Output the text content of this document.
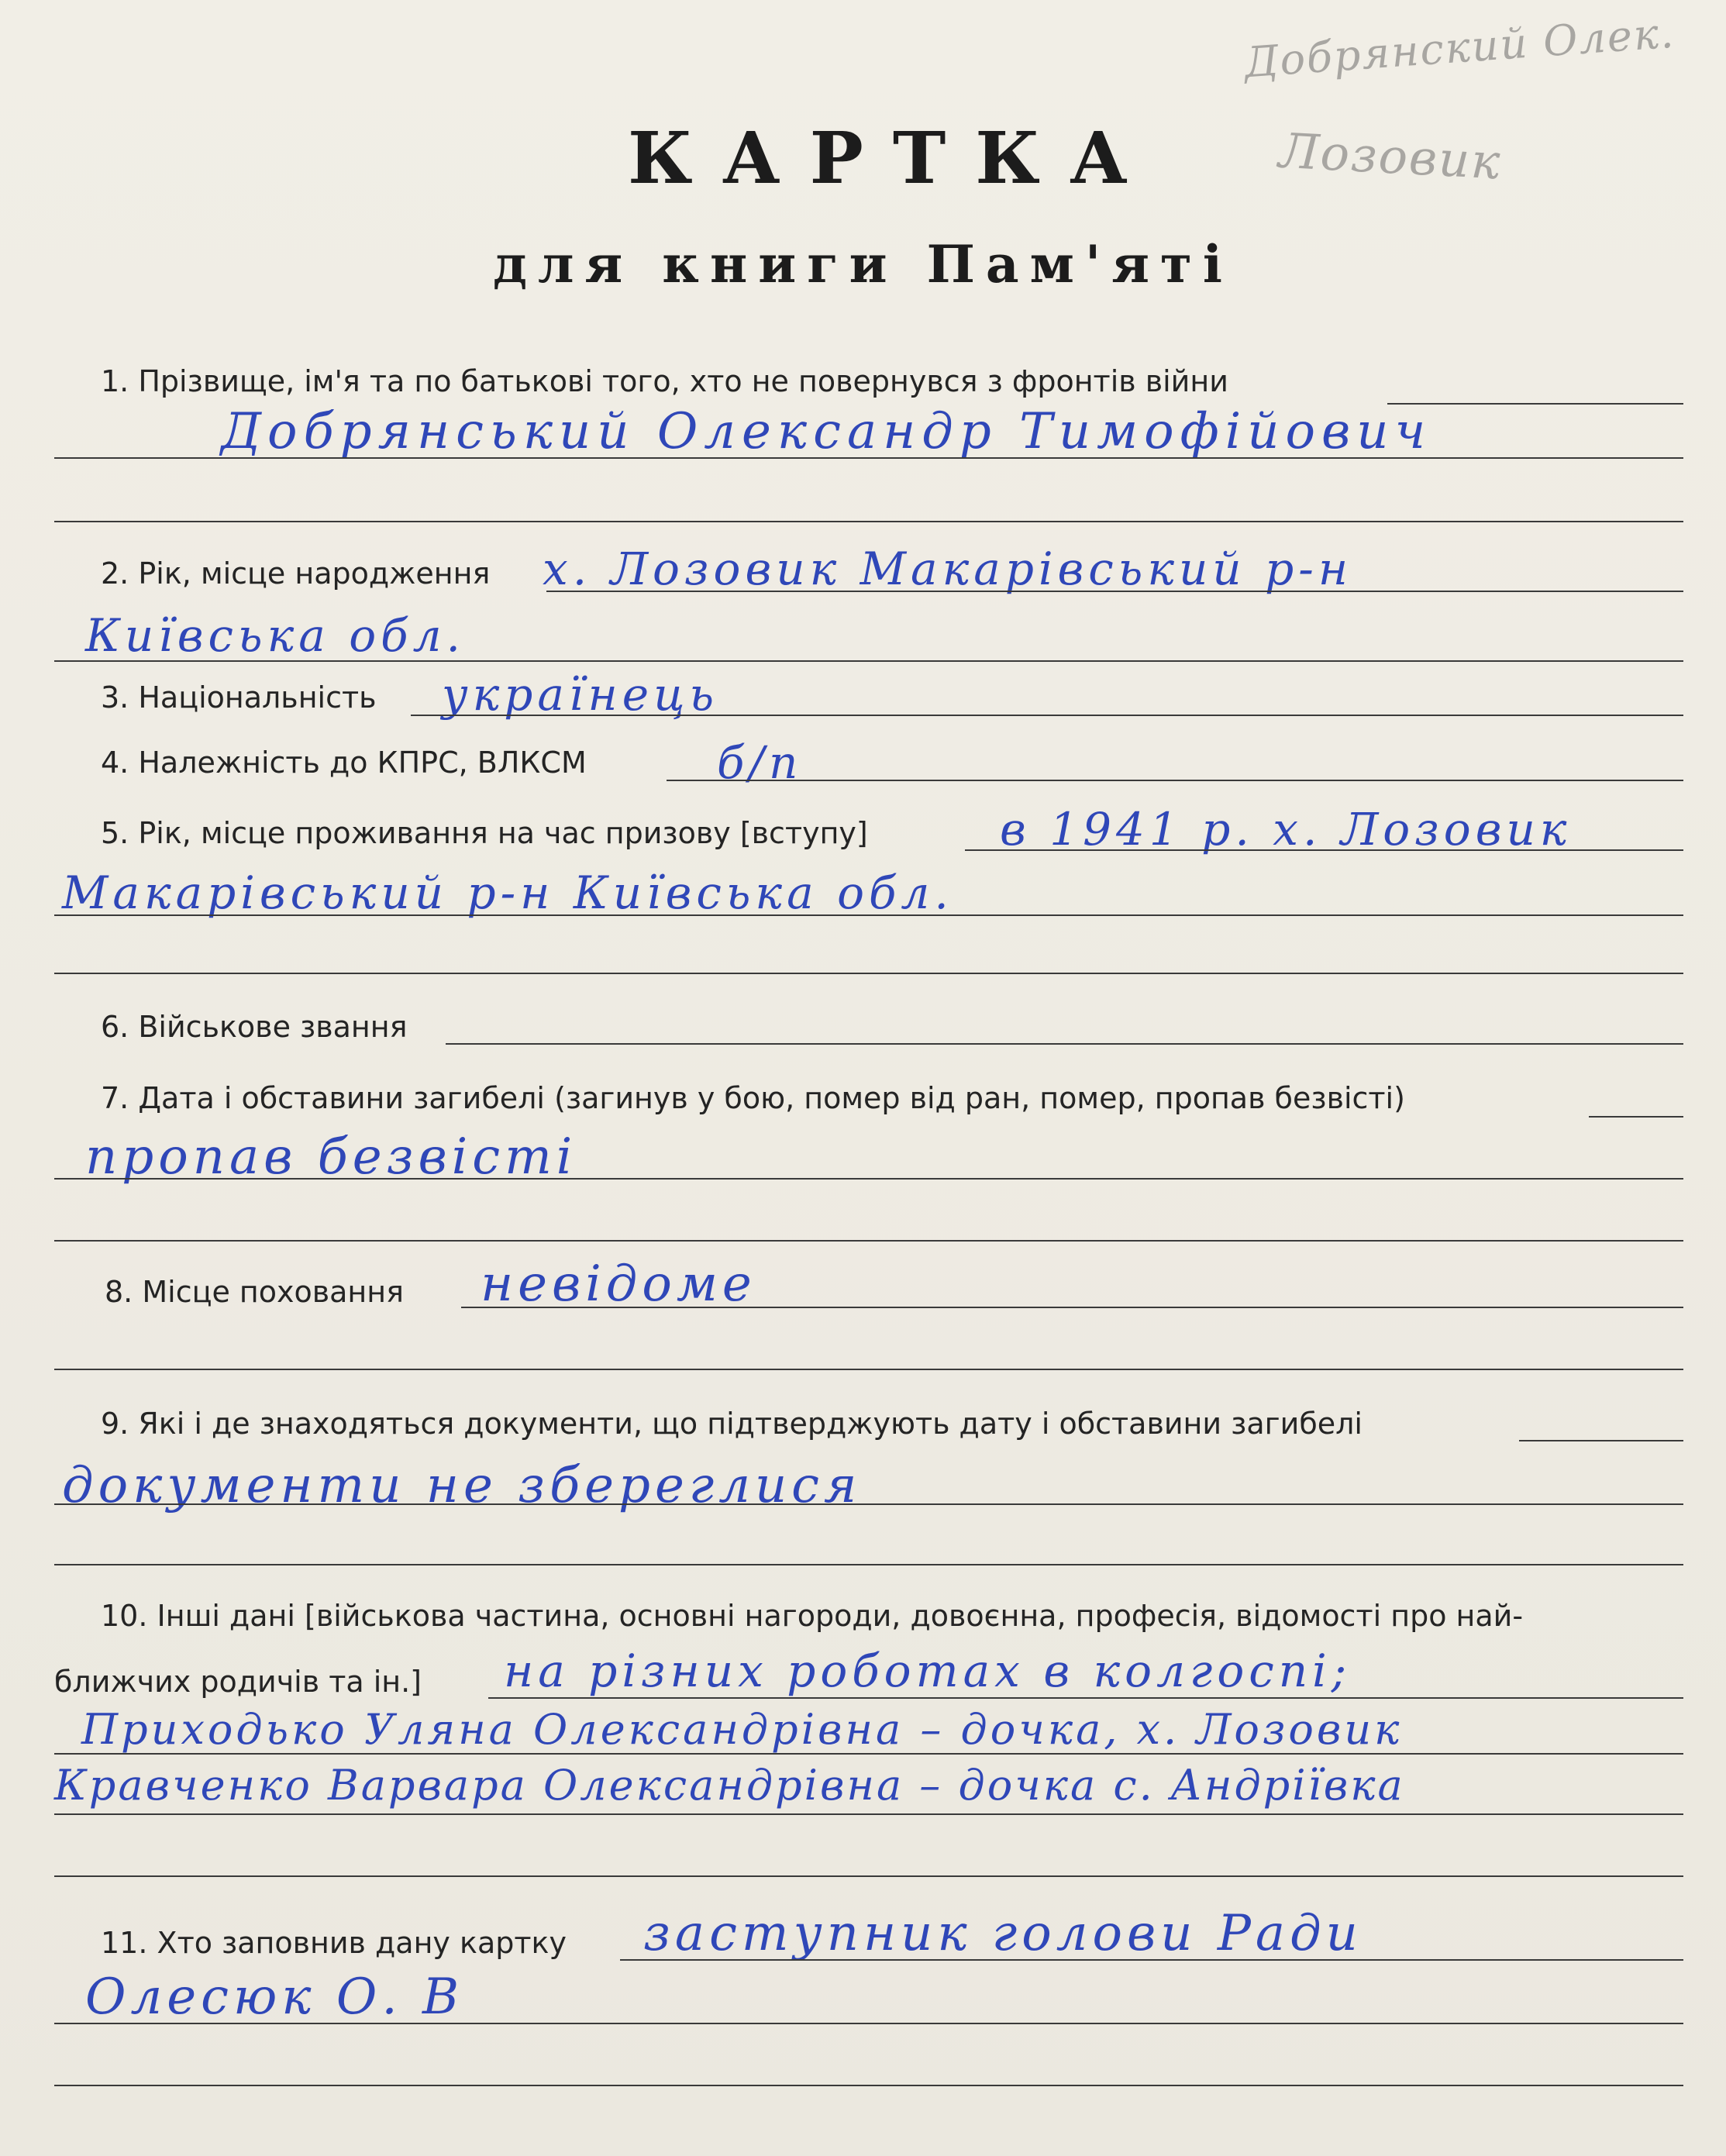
Добрянский Олек.
Лозовик
КАРТКА
для книги Пам'яті
1. Прізвище, ім'я та по батькові того, хто не повернувся з фронтів війни
Добрянський Олександр Тимофійович
2. Рік, місце народження х. Лозовик Макарівський р-н
Київська обл.
3. Національність українець
4. Належність до КПРС, ВЛКСМ	б/п
5. Рік, місце проживання на час призову [вступу]	в 1941 р. х. Лозовик
Макарівський р-н Київська обл.
6. Військове звання
7. Дата і обставини загибелі (загинув у бою, помер від ран, помер, пропав безвісті)
пропав безвісті
8. Місце поховання невідоме
9. Які і де знаходяться документи, що підтверджують дату і обставини загибелі
документи не збереглися
10. Інші дані [військова частина, основні нагороди, довоєнна, професія, відомості про най-
ближчих родичів та ін.] на різних роботах в колгоспі;
Приходько Уляна Олександрівна – дочка, х. Лозовик
Кравченко Варвара Олександрівна – дочка с. Андріївка
11. Хто заповнив дану картку заступник голови Ради
Олесюк О. В
